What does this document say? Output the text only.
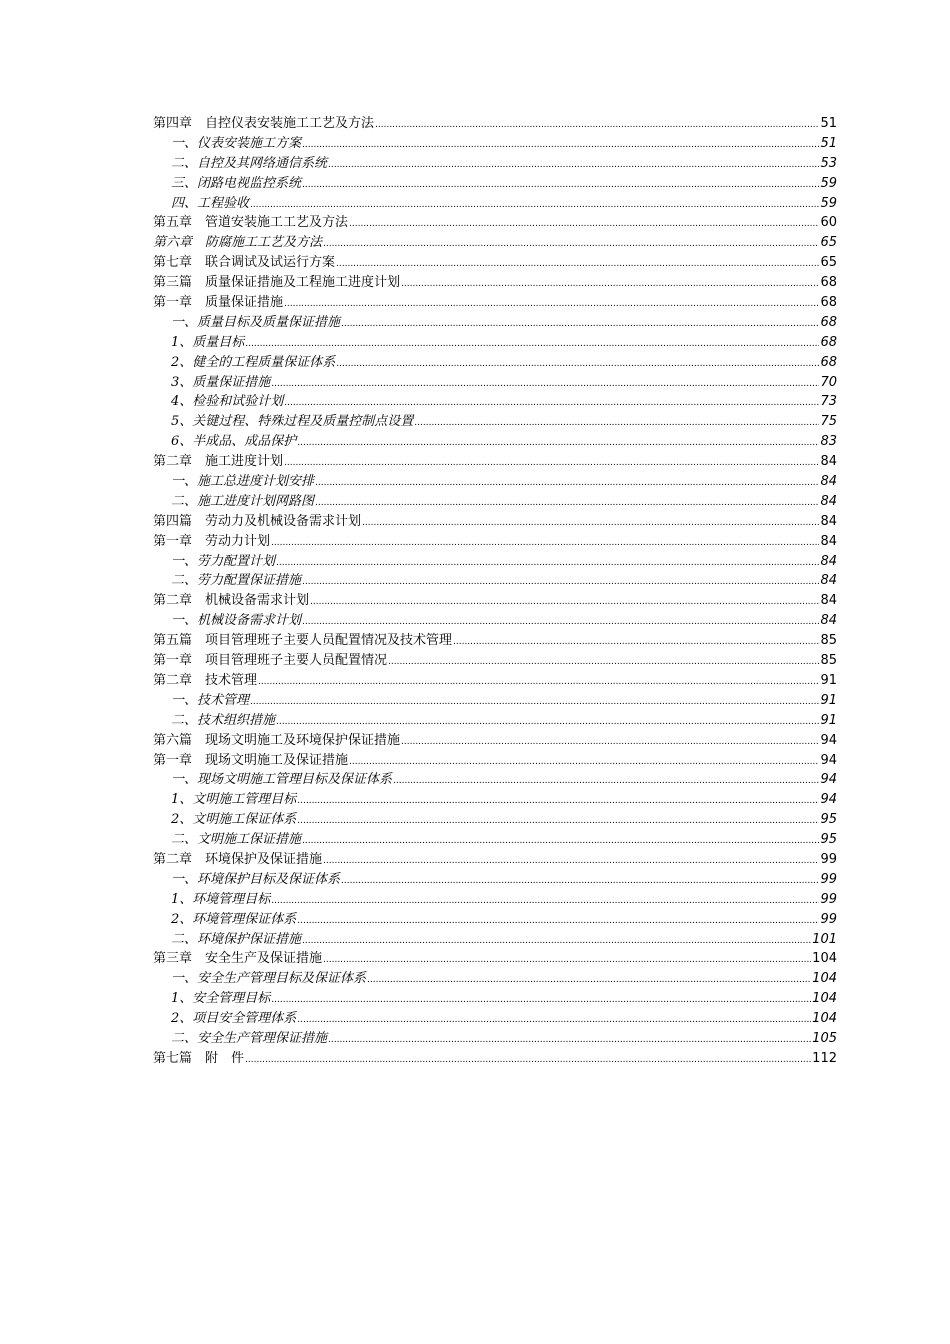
第四章　自控仪表安装施工工艺及方法 .....	51
一、仪表安装施工方案 .....	51
二、自控及其网络通信系统 .....	53
三、闭路电视监控系统 .....	59
四、工程验收 .....	59
第五章　管道安装施工工艺及方法 .....	60
第六章　防腐施工工艺及方法 .....	65
第七章　联合调试及试运行方案 .....	65
第三篇　质量保证措施及工程施工进度计划 .....	68
第一章　质量保证措施 .....	68
一、质量目标及质量保证措施 .....	68
1、质量目标 .....	68
2、健全的工程质量保证体系 .....	68
3、质量保证措施 .....	70
4、检验和试验计划 .....	73
5、关键过程、特殊过程及质量控制点设置 .....	75
6、半成品、成品保护 .....	83
第二章　施工进度计划 .....	84
一、施工总进度计划安排 .....	84
二、施工进度计划网路图 .....	84
第四篇　劳动力及机械设备需求计划 .....	84
第一章　劳动力计划 .....	84
一、劳力配置计划 .....	84
二、劳力配置保证措施 .....	84
第二章　机械设备需求计划 .....	84
一、机械设备需求计划 .....	84
第五篇　项目管理班子主要人员配置情况及技术管理 .....	85
第一章　项目管理班子主要人员配置情况 .....	85
第二章　技术管理 .....	91
一、技术管理 .....	91
二、技术组织措施 .....	91
第六篇　现场文明施工及环境保护保证措施 .....	94
第一章　现场文明施工及保证措施 .....	94
一、现场文明施工管理目标及保证体系 .....	94
1、文明施工管理目标 .....	94
2、文明施工保证体系 .....	95
二、文明施工保证措施 .....	95
第二章　环境保护及保证措施 .....	99
一、环境保护目标及保证体系 .....	99
1、环境管理目标 .....	99
2、环境管理保证体系 .....	99
二、环境保护保证措施 .....	101
第三章　安全生产及保证措施 .....	104
一、安全生产管理目标及保证体系 .....	104
1、安全管理目标 .....	104
2、项目安全管理体系 .....	104
二、安全生产管理保证措施 .....	105
第七篇　附　件 .....	112
